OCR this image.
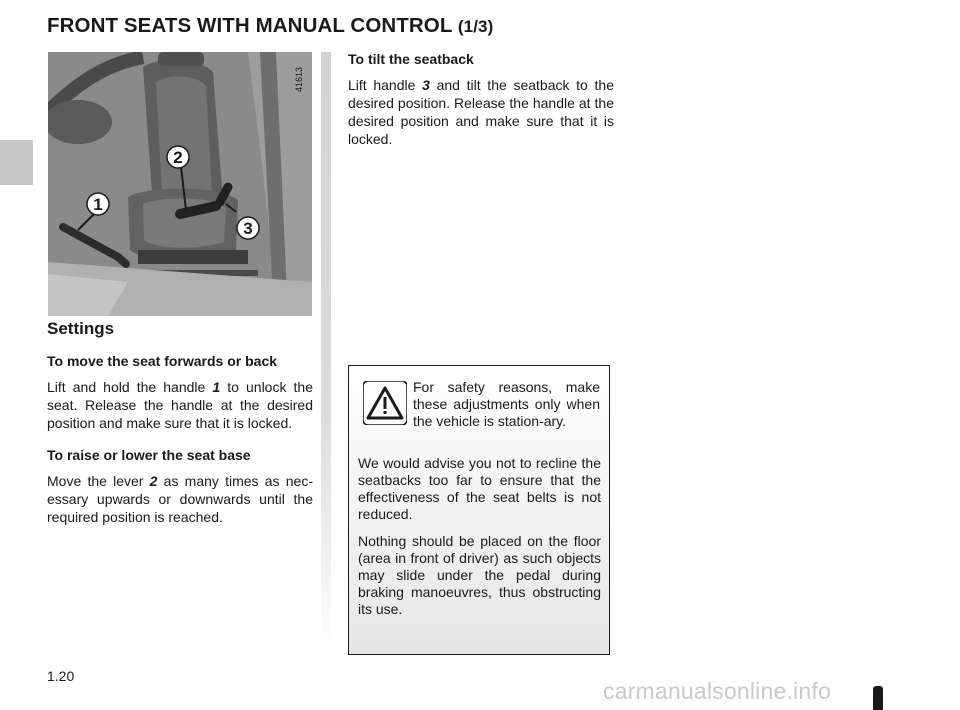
FRONT SEATS WITH MANUAL CONTROL (1/3)
1
2
3
41613
Settings
To move the seat forwards or back

Lift and hold the handle 1 to unlock the seat. Release the handle at the desired position and make sure that it is locked.

To raise or lower the seat base

Move the lever 2 as many times as nec-essary upwards or downwards until the required position is reached.

To tilt the seatback

Lift handle 3 and tilt the seatback to the desired position. Release the handle at the desired position and make sure that it is locked.

For safety reasons, make these adjustments only when the vehicle is station-ary.

We would advise you not to recline the seatbacks too far to ensure that the effectiveness of the seat belts is not reduced.

Nothing should be placed on the floor (area in front of driver) as such objects may slide under the pedal during braking manoeuvres, thus obstructing its use.

1.20
carmanualsonline.info
